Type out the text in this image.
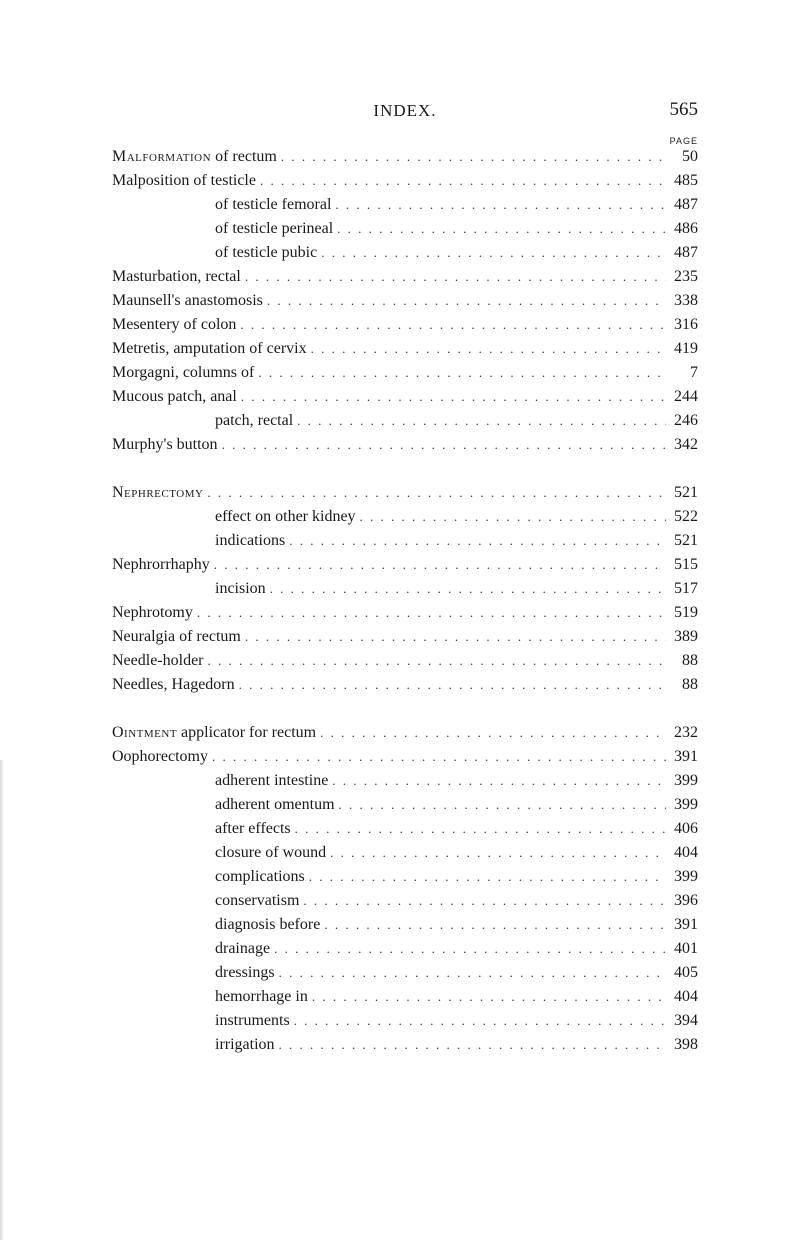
INDEX.	565
PAGE
Malformation of rectum . . .	50
Malposition of testicle . . .	485
of testicle femoral . . .	487
of testicle perineal . . .	486
of testicle pubic . . .	487
Masturbation, rectal . . .	235
Maunsell's anastomosis . . .	338
Mesentery of colon . . .	316
Metretis, amputation of cervix . . .	419
Morgagni, columns of . . .	7
Mucous patch, anal . . .	244
patch, rectal . . .	246
Murphy's button . . .	342
Nephrectomy . . .	521
effect on other kidney . . .	522
indications . . .	521
Nephrorrhaphy . . .	515
incision . . .	517
Nephrotomy . . .	519
Neuralgia of rectum . . .	389
Needle-holder . . .	88
Needles, Hagedorn . . .	88
Ointment applicator for rectum . . .	232
Oophorectomy . . .	391
adherent intestine . . .	399
adherent omentum . . .	399
after effects . . .	406
closure of wound . . .	404
complications . . .	399
conservatism . . .	396
diagnosis before . . .	391
drainage . . .	401
dressings . . .	405
hemorrhage in . . .	404
instruments . . .	394
irrigation . . .	398
